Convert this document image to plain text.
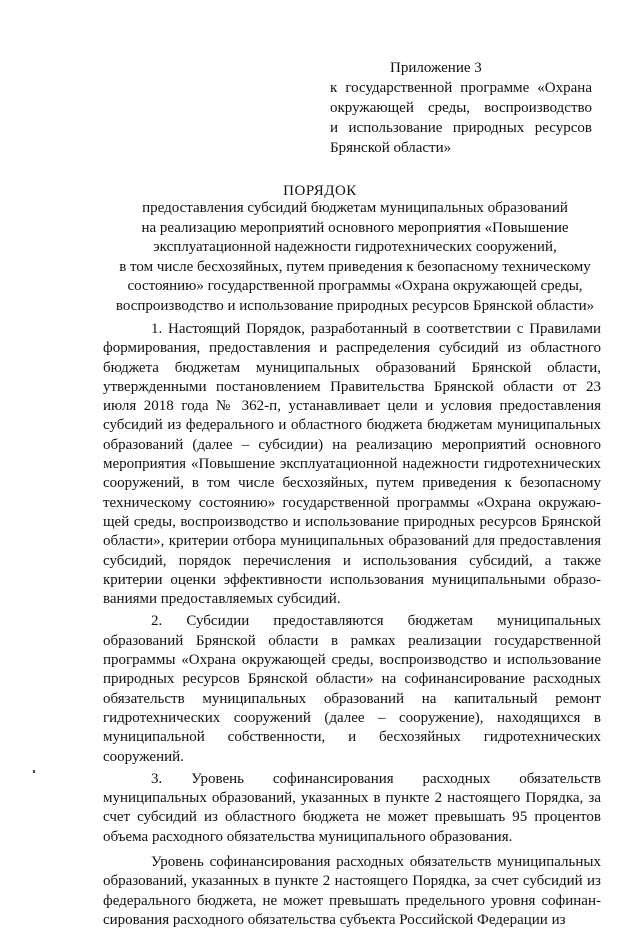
Приложение 3
к государственной программе «Охрана
окружающей среды, воспроизводство
и использование природных ресурсов
Брянской области»
ПОРЯДОК
предоставления субсидий бюджетам муниципальных образований
на реализацию мероприятий основного мероприятия «Повышение
эксплуатационной надежности гидротехнических сооружений,
в том числе бесхозяйных, путем приведения к безопасному техническому
состоянию» государственной программы «Охрана окружающей среды,
воспроизводство и использование природных ресурсов Брянской области»

1. Настоящий Порядок, разработанный в соответствии с Правилами формирования, предоставления и распределения субсидий из областного бюджета бюджетам муниципальных образований Брянской области, утвержденными постановлением Правительства Брянской области от 23 июля 2018 года № 362-п, устанавливает цели и условия предоставления субсидий из федерального и областного бюджета бюджетам муниципальных образований (далее – субсидии) на реализацию мероприятий основного мероприятия «Повышение эксплуатационной надежности гидротехнических сооружений, в том числе бесхозяйных, путем приведения к безопасному техническому состоянию» государственной программы «Охрана окружающей среды, воспроизводство и использование природных ресурсов Брянской области», критерии отбора муниципальных образований для предоставления субсидий, порядок перечисления и использования субсидий, а также критерии оценки эффективности использования муниципальными образованиями предоставляемых субсидий.

2. Субсидии предоставляются бюджетам муниципальных образований Брянской области в рамках реализации государственной программы «Охрана окружающей среды, воспроизводство и использование природных ресурсов Брянской области» на софинансирование расходных обязательств муниципальных образований на капитальный ремонт гидротехнических сооружений (далее – сооружение), находящихся в муниципальной собственности, и бесхозяйных гидротехнических сооружений.

3. Уровень софинансирования расходных обязательств муниципальных образований, указанных в пункте 2 настоящего Порядка, за счет субсидий из областного бюджета не может превышать 95 процентов объема расходного обязательства муниципального образования.

Уровень софинансирования расходных обязательств муниципальных образований, указанных в пункте 2 настоящего Порядка, за счет субсидий из федерального бюджета, не может превышать предельного уровня софинансирования расходного обязательства субъекта Российской Федерации из
